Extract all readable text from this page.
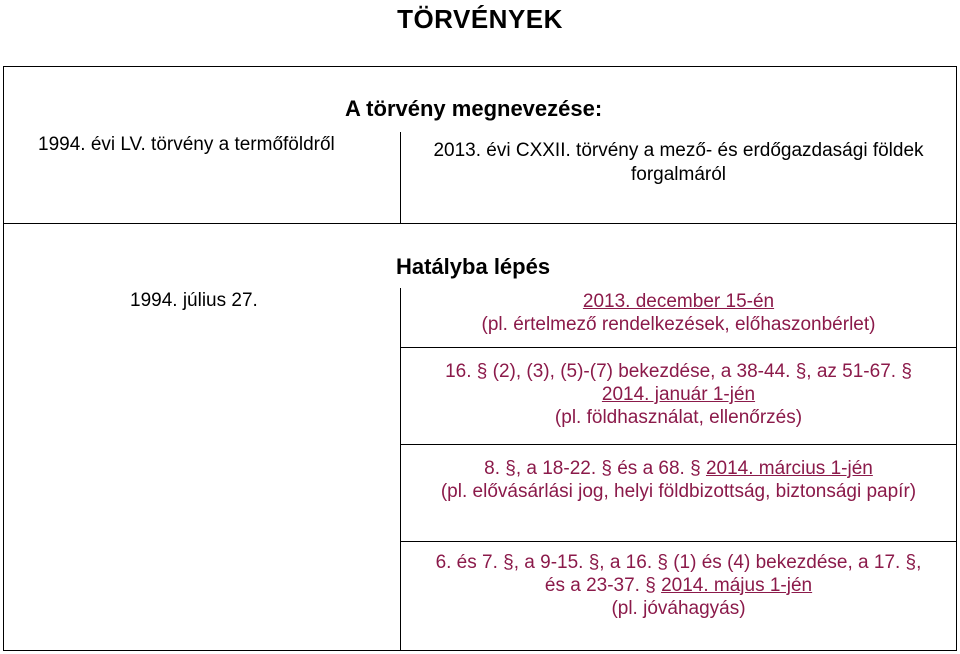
TÖRVÉNYEK
A törvény megnevezése:
1994. évi LV. törvény a termőföldről	2013. évi CXXII. törvény a mező- és erdőgazdasági földek
forgalmáról
Hatályba lépés
1994. július 27.	2013. december 15-én
(pl. értelmező rendelkezések, előhaszonbérlet)
16. § (2), (3), (5)-(7) bekezdése, a 38-44. §, az 51-67. §
2014. január 1-jén
(pl. földhasználat, ellenőrzés)
8. §, a 18-22. § és a 68. § 2014. március 1-jén
(pl. elővásárlási jog, helyi földbizottság, biztonsági papír)
6. és 7. §, a 9-15. §, a 16. § (1) és (4) bekezdése, a 17. §,
és a 23-37. § 2014. május 1-jén
(pl. jóváhagyás)
